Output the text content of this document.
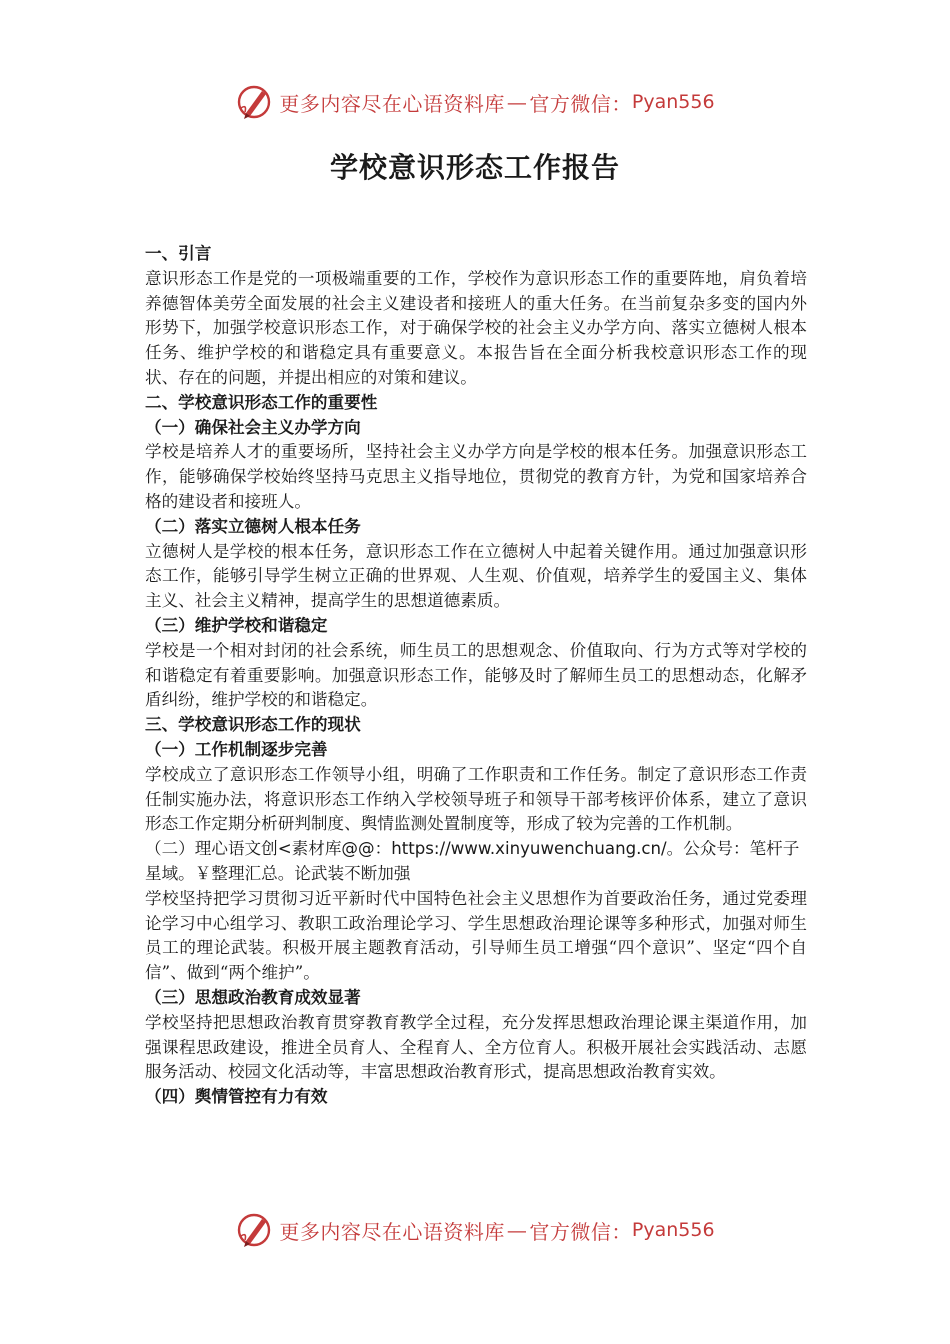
更多内容尽在心语资料库 — 官方微信： Pyan556
学校意识形态工作报告

一、引言

意识形态工作是党的一项极端重要的工作，学校作为意识形态工作的重要阵地，肩负着培养德智体美劳全面发展的社会主义建设者和接班人的重大任务。在当前复杂多变的国内外形势下，加强学校意识形态工作，对于确保学校的社会主义办学方向、落实立德树人根本任务、维护学校的和谐稳定具有重要意义。本报告旨在全面分析我校意识形态工作的现状、存在的问题，并提出相应的对策和建议。

二、学校意识形态工作的重要性

（一）确保社会主义办学方向

学校是培养人才的重要场所，坚持社会主义办学方向是学校的根本任务。加强意识形态工作，能够确保学校始终坚持马克思主义指导地位，贯彻党的教育方针，为党和国家培养合格的建设者和接班人。

（二）落实立德树人根本任务

立德树人是学校的根本任务，意识形态工作在立德树人中起着关键作用。通过加强意识形态工作，能够引导学生树立正确的世界观、人生观、价值观，培养学生的爱国主义、集体主义、社会主义精神，提高学生的思想道德素质。

（三）维护学校和谐稳定

学校是一个相对封闭的社会系统，师生员工的思想观念、价值取向、行为方式等对学校的和谐稳定有着重要影响。加强意识形态工作，能够及时了解师生员工的思想动态，化解矛盾纠纷，维护学校的和谐稳定。

三、学校意识形态工作的现状

（一）工作机制逐步完善

学校成立了意识形态工作领导小组，明确了工作职责和工作任务。制定了意识形态工作责任制实施办法，将意识形态工作纳入学校领导班子和领导干部考核评价体系，建立了意识形态工作定期分析研判制度、舆情监测处置制度等，形成了较为完善的工作机制。

（二）理心语文创<素材库@@：https://www.xinyuwenchuang.cn/。公众号：笔杆子星域。￥整理汇总。论武装不断加强

学校坚持把学习贯彻习近平新时代中国特色社会主义思想作为首要政治任务，通过党委理论学习中心组学习、教职工政治理论学习、学生思想政治理论课等多种形式，加强对师生员工的理论武装。积极开展主题教育活动，引导师生员工增强“四个意识”、坚定“四个自信”、做到“两个维护”。

（三）思想政治教育成效显著

学校坚持把思想政治教育贯穿教育教学全过程，充分发挥思想政治理论课主渠道作用，加强课程思政建设，推进全员育人、全程育人、全方位育人。积极开展社会实践活动、志愿服务活动、校园文化活动等，丰富思想政治教育形式，提高思想政治教育实效。

（四）舆情管控有力有效

更多内容尽在心语资料库 — 官方微信： Pyan556
